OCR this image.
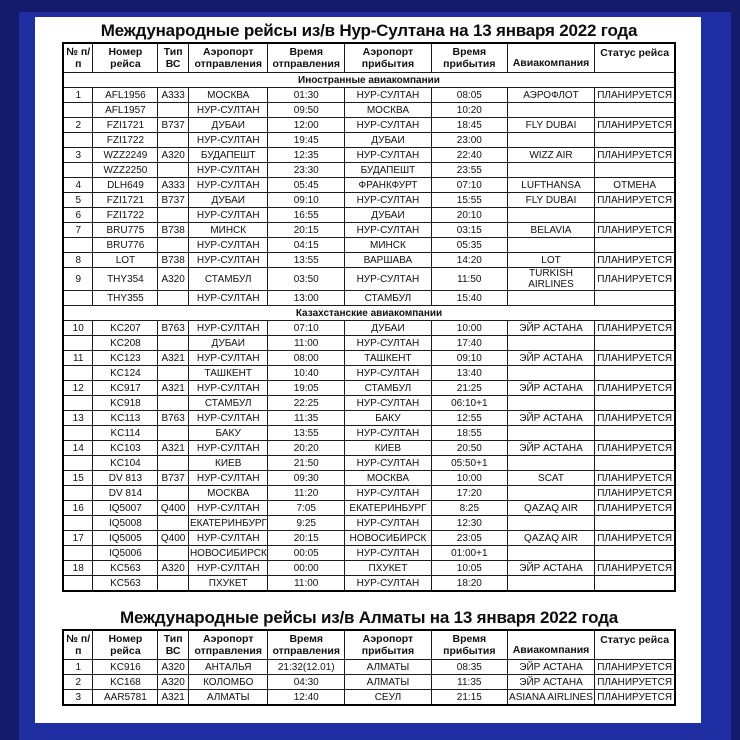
Международные рейсы из/в Нур-Султана на 13 января 2022 года
№ п/п	Номер рейса	Тип ВС	Аэропорт отправления	Время отправления	Аэропорт прибытия	Время прибытия	Авиакомпания	Статус рейса
Иностранные авиакомпании								
1	AFL1956	A333	МОСКВА	01:30	НУР-СУЛТАН	08:05	АЭРОФЛОТ	ПЛАНИРУЕТСЯ
	AFL1957		НУР-СУЛТАН	09:50	МОСКВА	10:20		
2	FZI1721	B737	ДУБАИ	12:00	НУР-СУЛТАН	18:45	FLY DUBAI	ПЛАНИРУЕТСЯ
	FZI1722		НУР-СУЛТАН	19:45	ДУБАИ	23:00		
3	WZZ2249	A320	БУДАПЕШТ	12:35	НУР-СУЛТАН	22:40	WIZZ AIR	ПЛАНИРУЕТСЯ
	WZZ2250		НУР-СУЛТАН	23:30	БУДАПЕШТ	23:55		
4	DLH649	A333	НУР-СУЛТАН	05:45	ФРАНКФУРТ	07:10	LUFTHANSA	ОТМЕНА
5	FZI1721	B737	ДУБАИ	09:10	НУР-СУЛТАН	15:55	FLY DUBAI	ПЛАНИРУЕТСЯ
6	FZI1722		НУР-СУЛТАН	16:55	ДУБАИ	20:10		
7	BRU775	B738	МИНСК	20:15	НУР-СУЛТАН	03:15	BELAVIA	ПЛАНИРУЕТСЯ
	BRU776		НУР-СУЛТАН	04:15	МИНСК	05:35		
8	LOT	B738	НУР-СУЛТАН	13:55	ВАРШАВА	14:20	LOT	ПЛАНИРУЕТСЯ
9	THY354	A320	СТАМБУЛ	03:50	НУР-СУЛТАН	11:50	TURKISH AIRLINES	ПЛАНИРУЕТСЯ
	THY355		НУР-СУЛТАН	13:00	СТАМБУЛ	15:40		
Казахстанские авиакомпании								
10	KC207	B763	НУР-СУЛТАН	07:10	ДУБАИ	10:00	ЭЙР АСТАНА	ПЛАНИРУЕТСЯ
	KC208		ДУБАИ	11:00	НУР-СУЛТАН	17:40		
11	KC123	A321	НУР-СУЛТАН	08:00	ТАШКЕНТ	09:10	ЭЙР АСТАНА	ПЛАНИРУЕТСЯ
	KC124		ТАШКЕНТ	10:40	НУР-СУЛТАН	13:40		
12	KC917	A321	НУР-СУЛТАН	19:05	СТАМБУЛ	21:25	ЭЙР АСТАНА	ПЛАНИРУЕТСЯ
	KC918		СТАМБУЛ	22:25	НУР-СУЛТАН	06:10+1		
13	KC113	B763	НУР-СУЛТАН	11:35	БАКУ	12:55	ЭЙР АСТАНА	ПЛАНИРУЕТСЯ
	KC114		БАКУ	13:55	НУР-СУЛТАН	18:55		
14	KC103	A321	НУР-СУЛТАН	20:20	КИЕВ	20:50	ЭЙР АСТАНА	ПЛАНИРУЕТСЯ
	KC104		КИЕВ	21:50	НУР-СУЛТАН	05:50+1		
15	DV 813	B737	НУР-СУЛТАН	09:30	МОСКВА	10:00	SCAT	ПЛАНИРУЕТСЯ
	DV 814		МОСКВА	11:20	НУР-СУЛТАН	17:20		ПЛАНИРУЕТСЯ
16	IQ5007	Q400	НУР-СУЛТАН	7:05	ЕКАТЕРИНБУРГ	8:25	QAZAQ AIR	ПЛАНИРУЕТСЯ
	IQ5008		ЕКАТЕРИНБУРГ	9:25	НУР-СУЛТАН	12:30		
17	IQ5005	Q400	НУР-СУЛТАН	20:15	НОВОСИБИРСК	23:05	QAZAQ AIR	ПЛАНИРУЕТСЯ
	IQ5006		НОВОСИБИРСК	00:05	НУР-СУЛТАН	01:00+1		
18	KC563	A320	НУР-СУЛТАН	00:00	ПХУКЕТ	10:05	ЭЙР АСТАНА	ПЛАНИРУЕТСЯ
	KC563		ПХУКЕТ	11:00	НУР-СУЛТАН	18:20		
Международные рейсы из/в Алматы на 13 января 2022 года
№ п/п	Номер рейса	Тип ВС	Аэропорт отправления	Время отправления	Аэропорт прибытия	Время прибытия	Авиакомпания	Статус рейса
1	KC916	A320	АНТАЛЬЯ	21:32(12.01)	АЛМАТЫ	08:35	ЭЙР АСТАНА	ПЛАНИРУЕТСЯ
2	KC168	A320	КОЛОМБО	04:30	АЛМАТЫ	11:35	ЭЙР АСТАНА	ПЛАНИРУЕТСЯ
3	AAR5781	A321	АЛМАТЫ	12:40	СЕУЛ	21:15	ASIANA AIRLINES	ПЛАНИРУЕТСЯ
